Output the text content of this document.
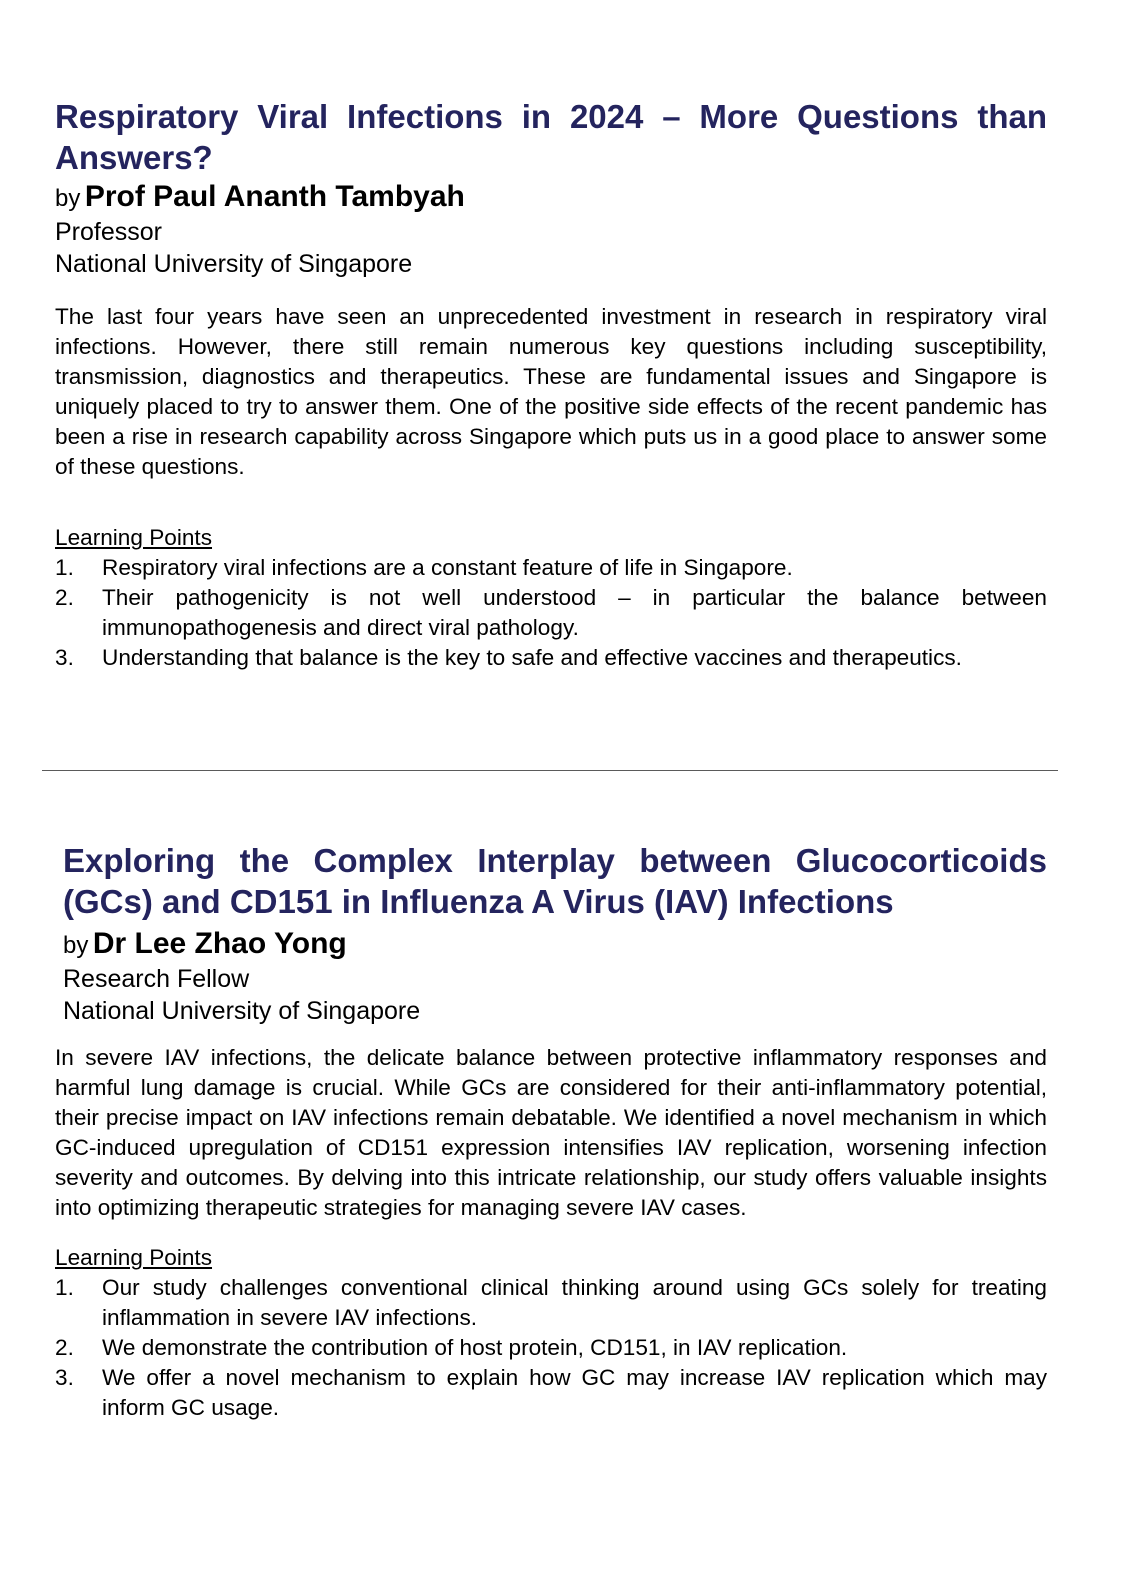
Respiratory Viral Infections in 2024 – More Questions than Answers?

by Prof Paul Ananth Tambyah

Professor

National University of Singapore

The last four years have seen an unprecedented investment in research in respiratory viral infections. However, there still remain numerous key questions including susceptibility, transmission, diagnostics and therapeutics. These are fundamental issues and Singapore is uniquely placed to try to answer them. One of the positive side effects of the recent pandemic has been a rise in research capability across Singapore which puts us in a good place to answer some of these questions.

Learning Points

1. Respiratory viral infections are a constant feature of life in Singapore.
2. Their pathogenicity is not well understood – in particular the balance between immunopathogenesis and direct viral pathology.
3. Understanding that balance is the key to safe and effective vaccines and therapeutics.
Exploring the Complex Interplay between Glucocorticoids (GCs) and CD151 in Influenza A Virus (IAV) Infections

by Dr Lee Zhao Yong

Research Fellow

National University of Singapore

In severe IAV infections, the delicate balance between protective inflammatory responses and harmful lung damage is crucial. While GCs are considered for their anti-inflammatory potential, their precise impact on IAV infections remain debatable. We identified a novel mechanism in which GC-induced upregulation of CD151 expression intensifies IAV replication, worsening infection severity and outcomes. By delving into this intricate relationship, our study offers valuable insights into optimizing therapeutic strategies for managing severe IAV cases.

Learning Points

1. Our study challenges conventional clinical thinking around using GCs solely for treating inflammation in severe IAV infections.
2. We demonstrate the contribution of host protein, CD151, in IAV replication.
3. We offer a novel mechanism to explain how GC may increase IAV replication which may inform GC usage.
